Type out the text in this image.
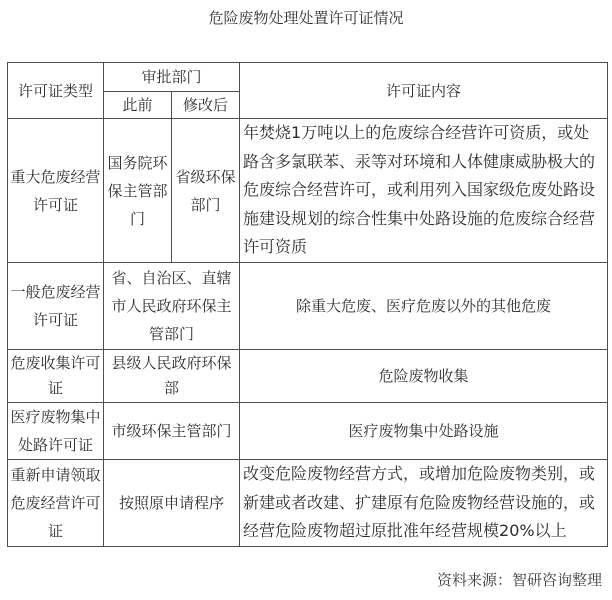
危险废物处理处置许可证情况
许可证类型	审批部门		许可证内容
	此前	修改后	
重大危废经营许可证	国务院环保主管部门	省级环保部门	年焚烧1万吨以上的危废综合经营许可资质，或处路含多氯联苯、汞等对环境和人体健康威胁极大的危废综合经营许可，或利用列入国家级危废处路设施建设规划的综合性集中处路设施的危废综合经营许可资质
一般危废经营许可证	省、自治区、直辖市人民政府环保主管部门		除重大危废、医疗危废以外的其他危废
危废收集许可证	县级人民政府环保部		危险废物收集
医疗废物集中处路许可证	市级环保主管部门		医疗废物集中处路设施
重新申请领取危废经营许可证	按照原申请程序		改变危险废物经营方式，或增加危险废物类别，或新建或者改建、扩建原有危险废物经营设施的，或经营危险废物超过原批准年经营规模20%以上
资料来源：智研咨询整理
